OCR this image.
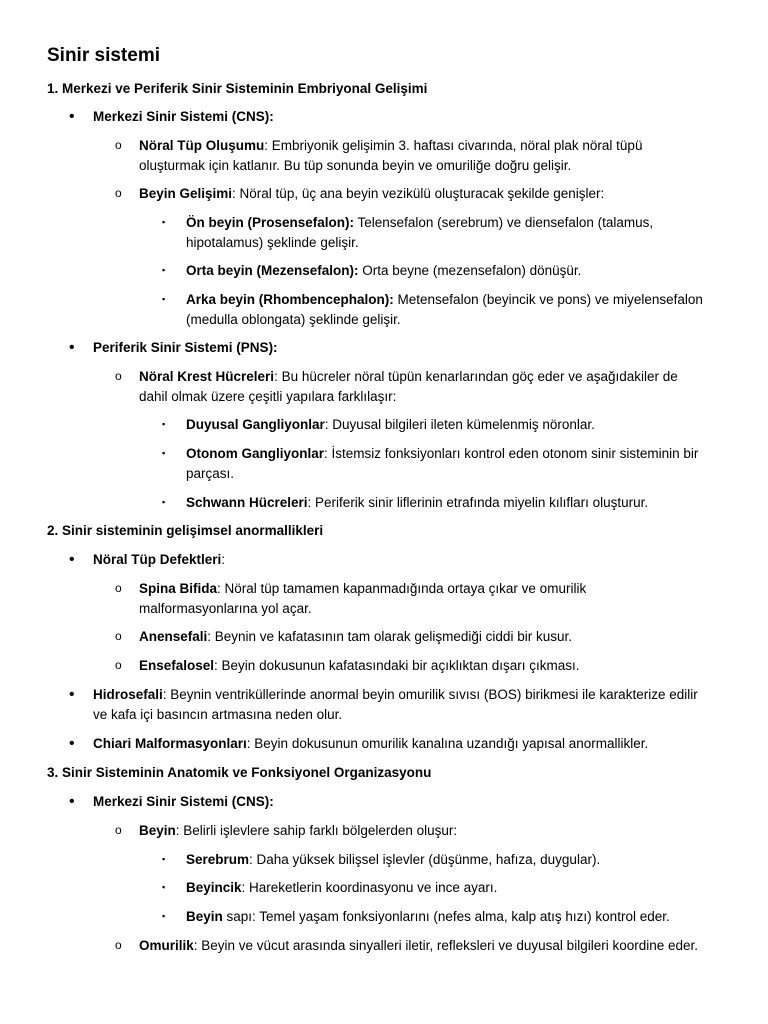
Sinir sistemi
1. Merkezi ve Periferik Sinir Sisteminin Embriyonal Gelişimi
• Merkezi Sinir Sistemi (CNS):
o Nöral Tüp Oluşumu: Embriyonik gelişimin 3. haftası civarında, nöral plak nöral tüpü oluşturmak için katlanır. Bu tüp sonunda beyin ve omuriliğe doğru gelişir.
o Beyin Gelişimi: Nöral tüp, üç ana beyin vezikülü oluşturacak şekilde genişler:
▪ Ön beyin (Prosensefalon): Telensefalon (serebrum) ve diensefalon (talamus, hipotalamus) şeklinde gelişir.
▪ Orta beyin (Mezensefalon): Orta beyne (mezensefalon) dönüşür.
▪ Arka beyin (Rhombencephalon): Metensefalon (beyincik ve pons) ve miyelensefalon (medulla oblongata) şeklinde gelişir.
• Periferik Sinir Sistemi (PNS):
o Nöral Krest Hücreleri: Bu hücreler nöral tüpün kenarlarından göç eder ve aşağıdakiler de dahil olmak üzere çeşitli yapılara farklılaşır:
▪ Duyusal Gangliyonlar: Duyusal bilgileri ileten kümelenmiş nöronlar.
▪ Otonom Gangliyonlar: İstemsiz fonksiyonları kontrol eden otonom sinir sisteminin bir parçası.
▪ Schwann Hücreleri: Periferik sinir liflerinin etrafında miyelin kılıfları oluşturur.
2. Sinir sisteminin gelişimsel anormallikleri
• Nöral Tüp Defektleri:
o Spina Bifida: Nöral tüp tamamen kapanmadığında ortaya çıkar ve omurilik malformasyonlarına yol açar.
o Anensefali: Beynin ve kafatasının tam olarak gelişmediği ciddi bir kusur.
o Ensefalosel: Beyin dokusunun kafatasındaki bir açıklıktan dışarı çıkması.
• Hidrosefali: Beynin ventriküllerinde anormal beyin omurilik sıvısı (BOS) birikmesi ile karakterize edilir ve kafa içi basıncın artmasına neden olur.
• Chiari Malformasyonları: Beyin dokusunun omurilik kanalına uzandığı yapısal anormallikler.
3. Sinir Sisteminin Anatomik ve Fonksiyonel Organizasyonu
• Merkezi Sinir Sistemi (CNS):
o Beyin: Belirli işlevlere sahip farklı bölgelerden oluşur:
▪ Serebrum: Daha yüksek bilişsel işlevler (düşünme, hafıza, duygular).
▪ Beyincik: Hareketlerin koordinasyonu ve ince ayarı.
▪ Beyin sapı: Temel yaşam fonksiyonlarını (nefes alma, kalp atış hızı) kontrol eder.
o Omurilik: Beyin ve vücut arasında sinyalleri iletir, refleksleri ve duyusal bilgileri koordine eder.
